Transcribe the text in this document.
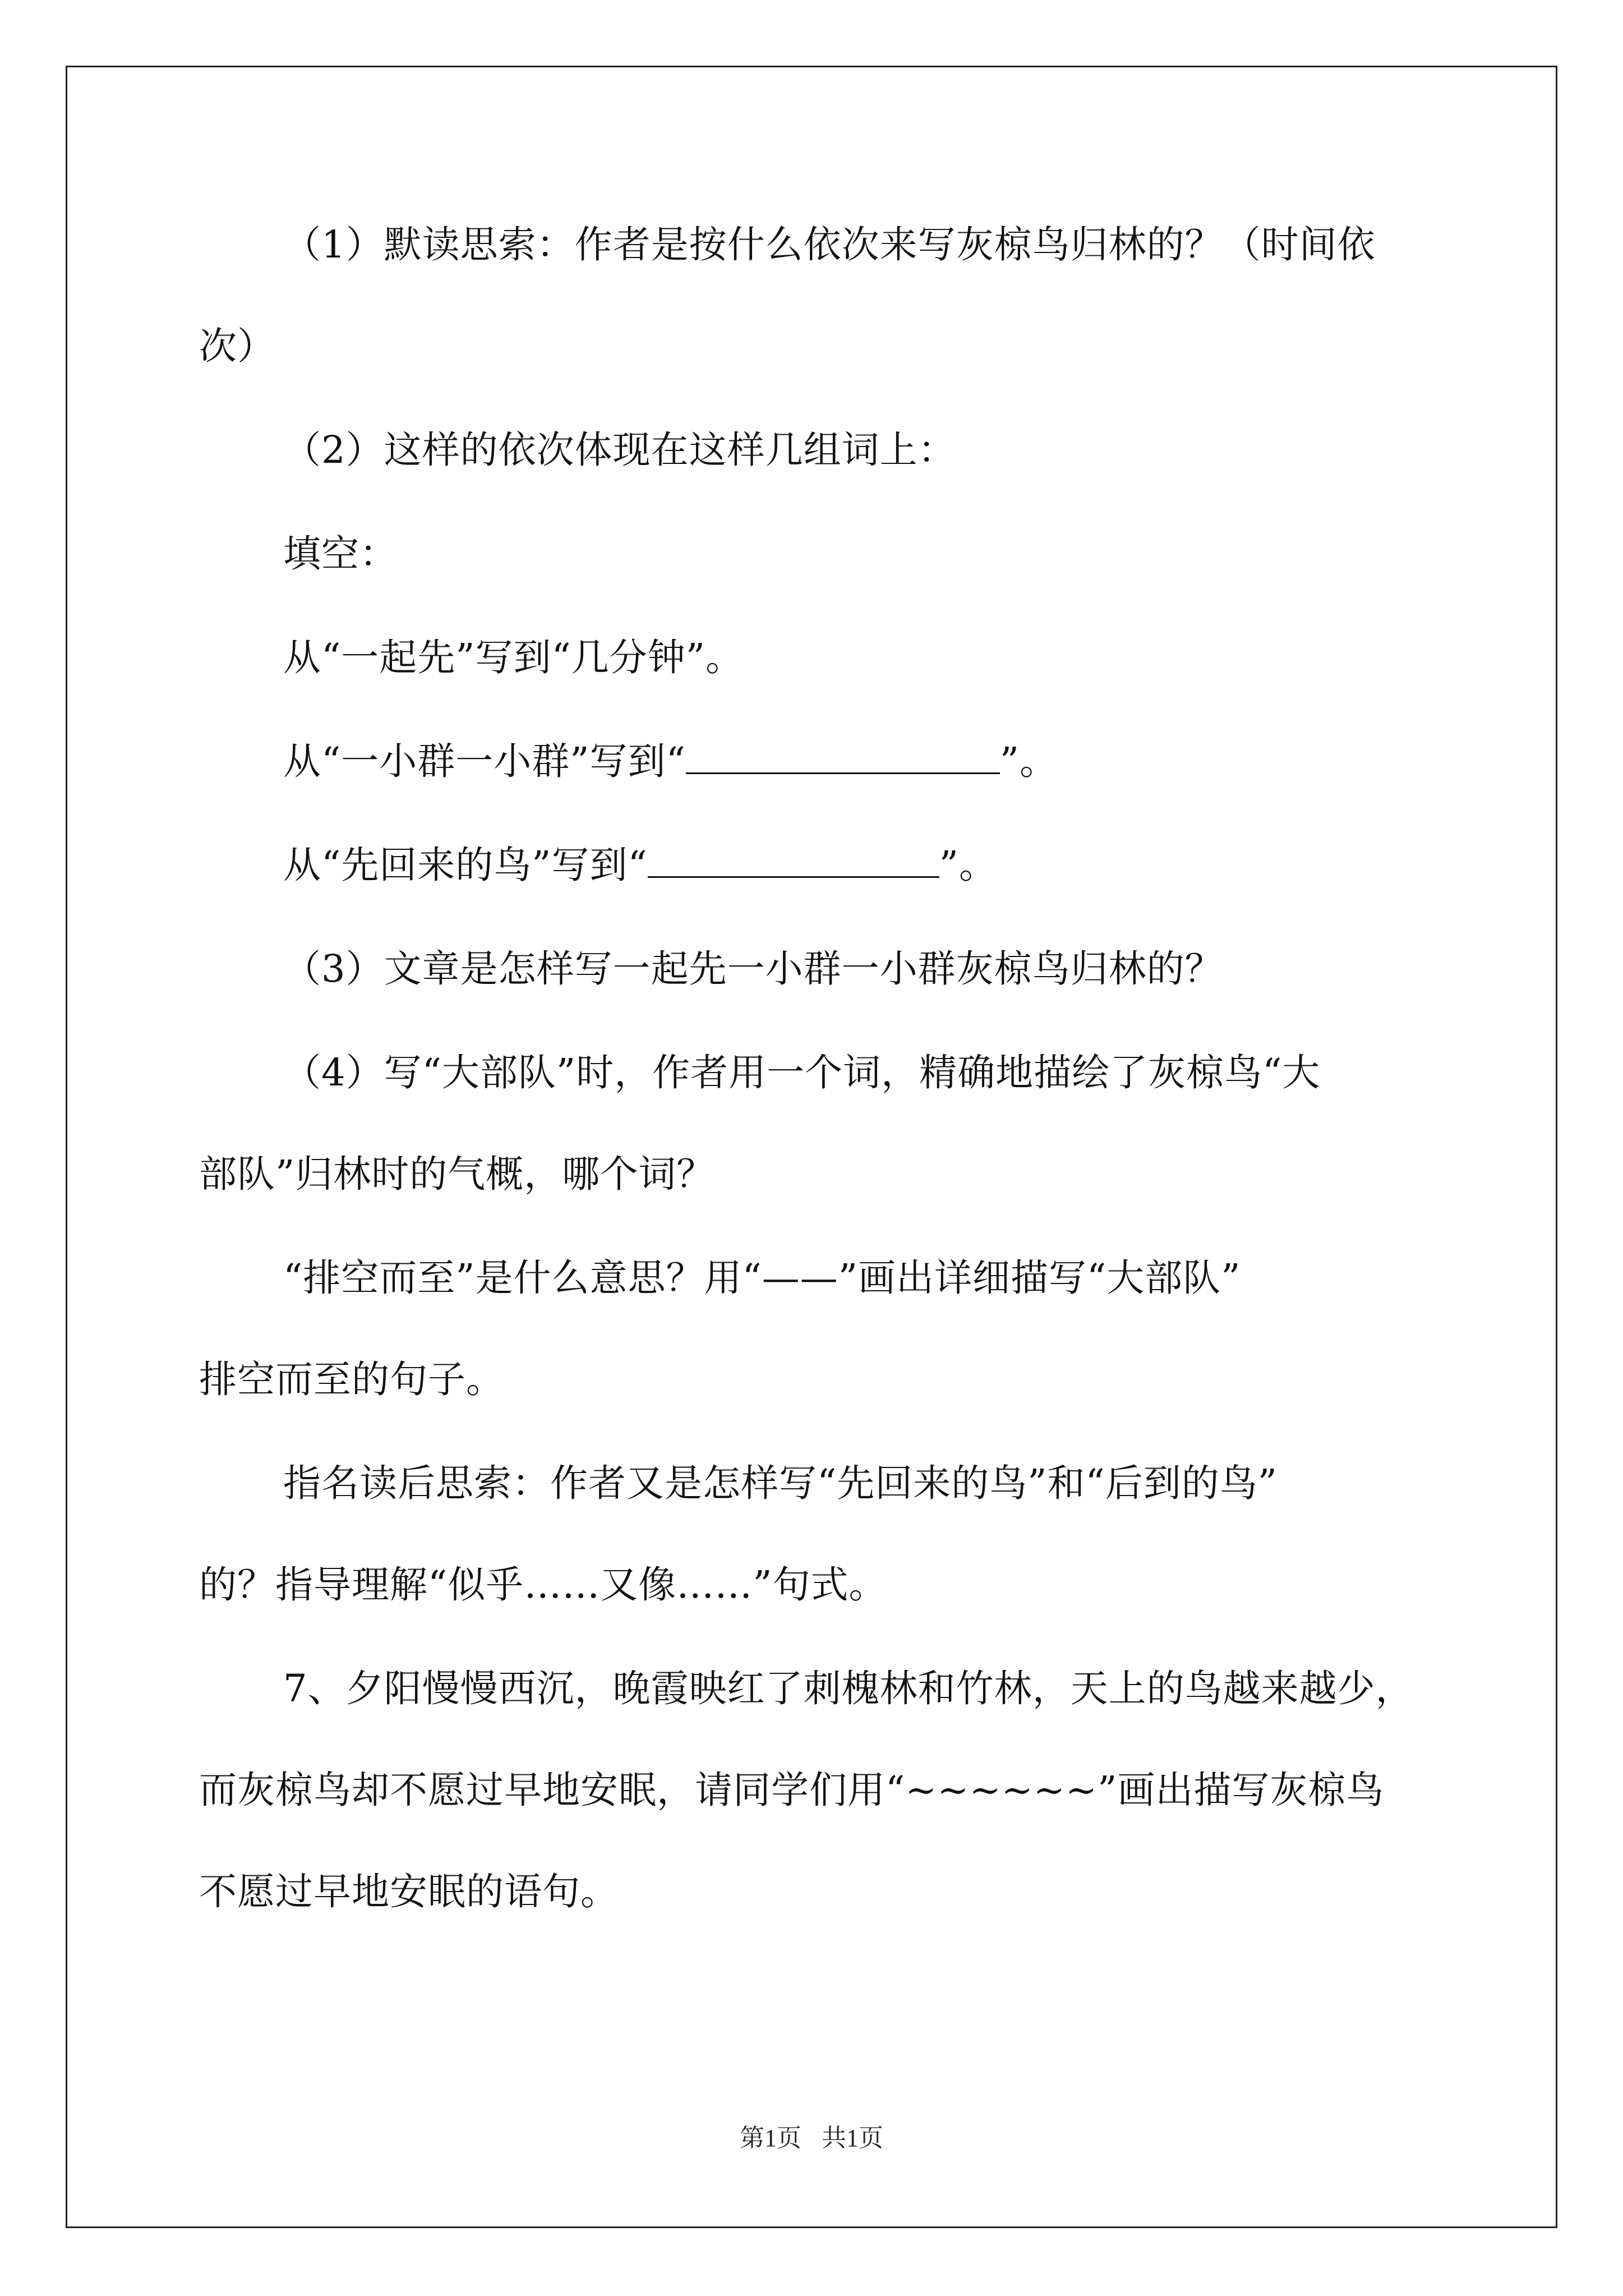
（1）默读思索：作者是按什么依次来写灰椋鸟归林的？（时间依
次）
（2）这样的依次体现在这样几组词上：
填空：
从“一起先”写到“几分钟”。
从“一小群一小群”写到“	”。
从“先回来的鸟”写到“	”。
（3）文章是怎样写一起先一小群一小群灰椋鸟归林的？
（4）写“大部队”时，作者用一个词，精确地描绘了灰椋鸟“大
部队”归林时的气概，哪个词？
“排空而至”是什么意思？用“——”画出详细描写“大部队”
排空而至的句子。
指名读后思索：作者又是怎样写“先回来的鸟”和“后到的鸟”
的？指导理解“似乎……又像……”句式。
7、夕阳慢慢西沉，晚霞映红了刺槐林和竹林，天上的鸟越来越少，
而灰椋鸟却不愿过早地安眠，请同学们用“~~~~~~”画出描写灰椋鸟
不愿过早地安眠的语句。
第1页 共1页
